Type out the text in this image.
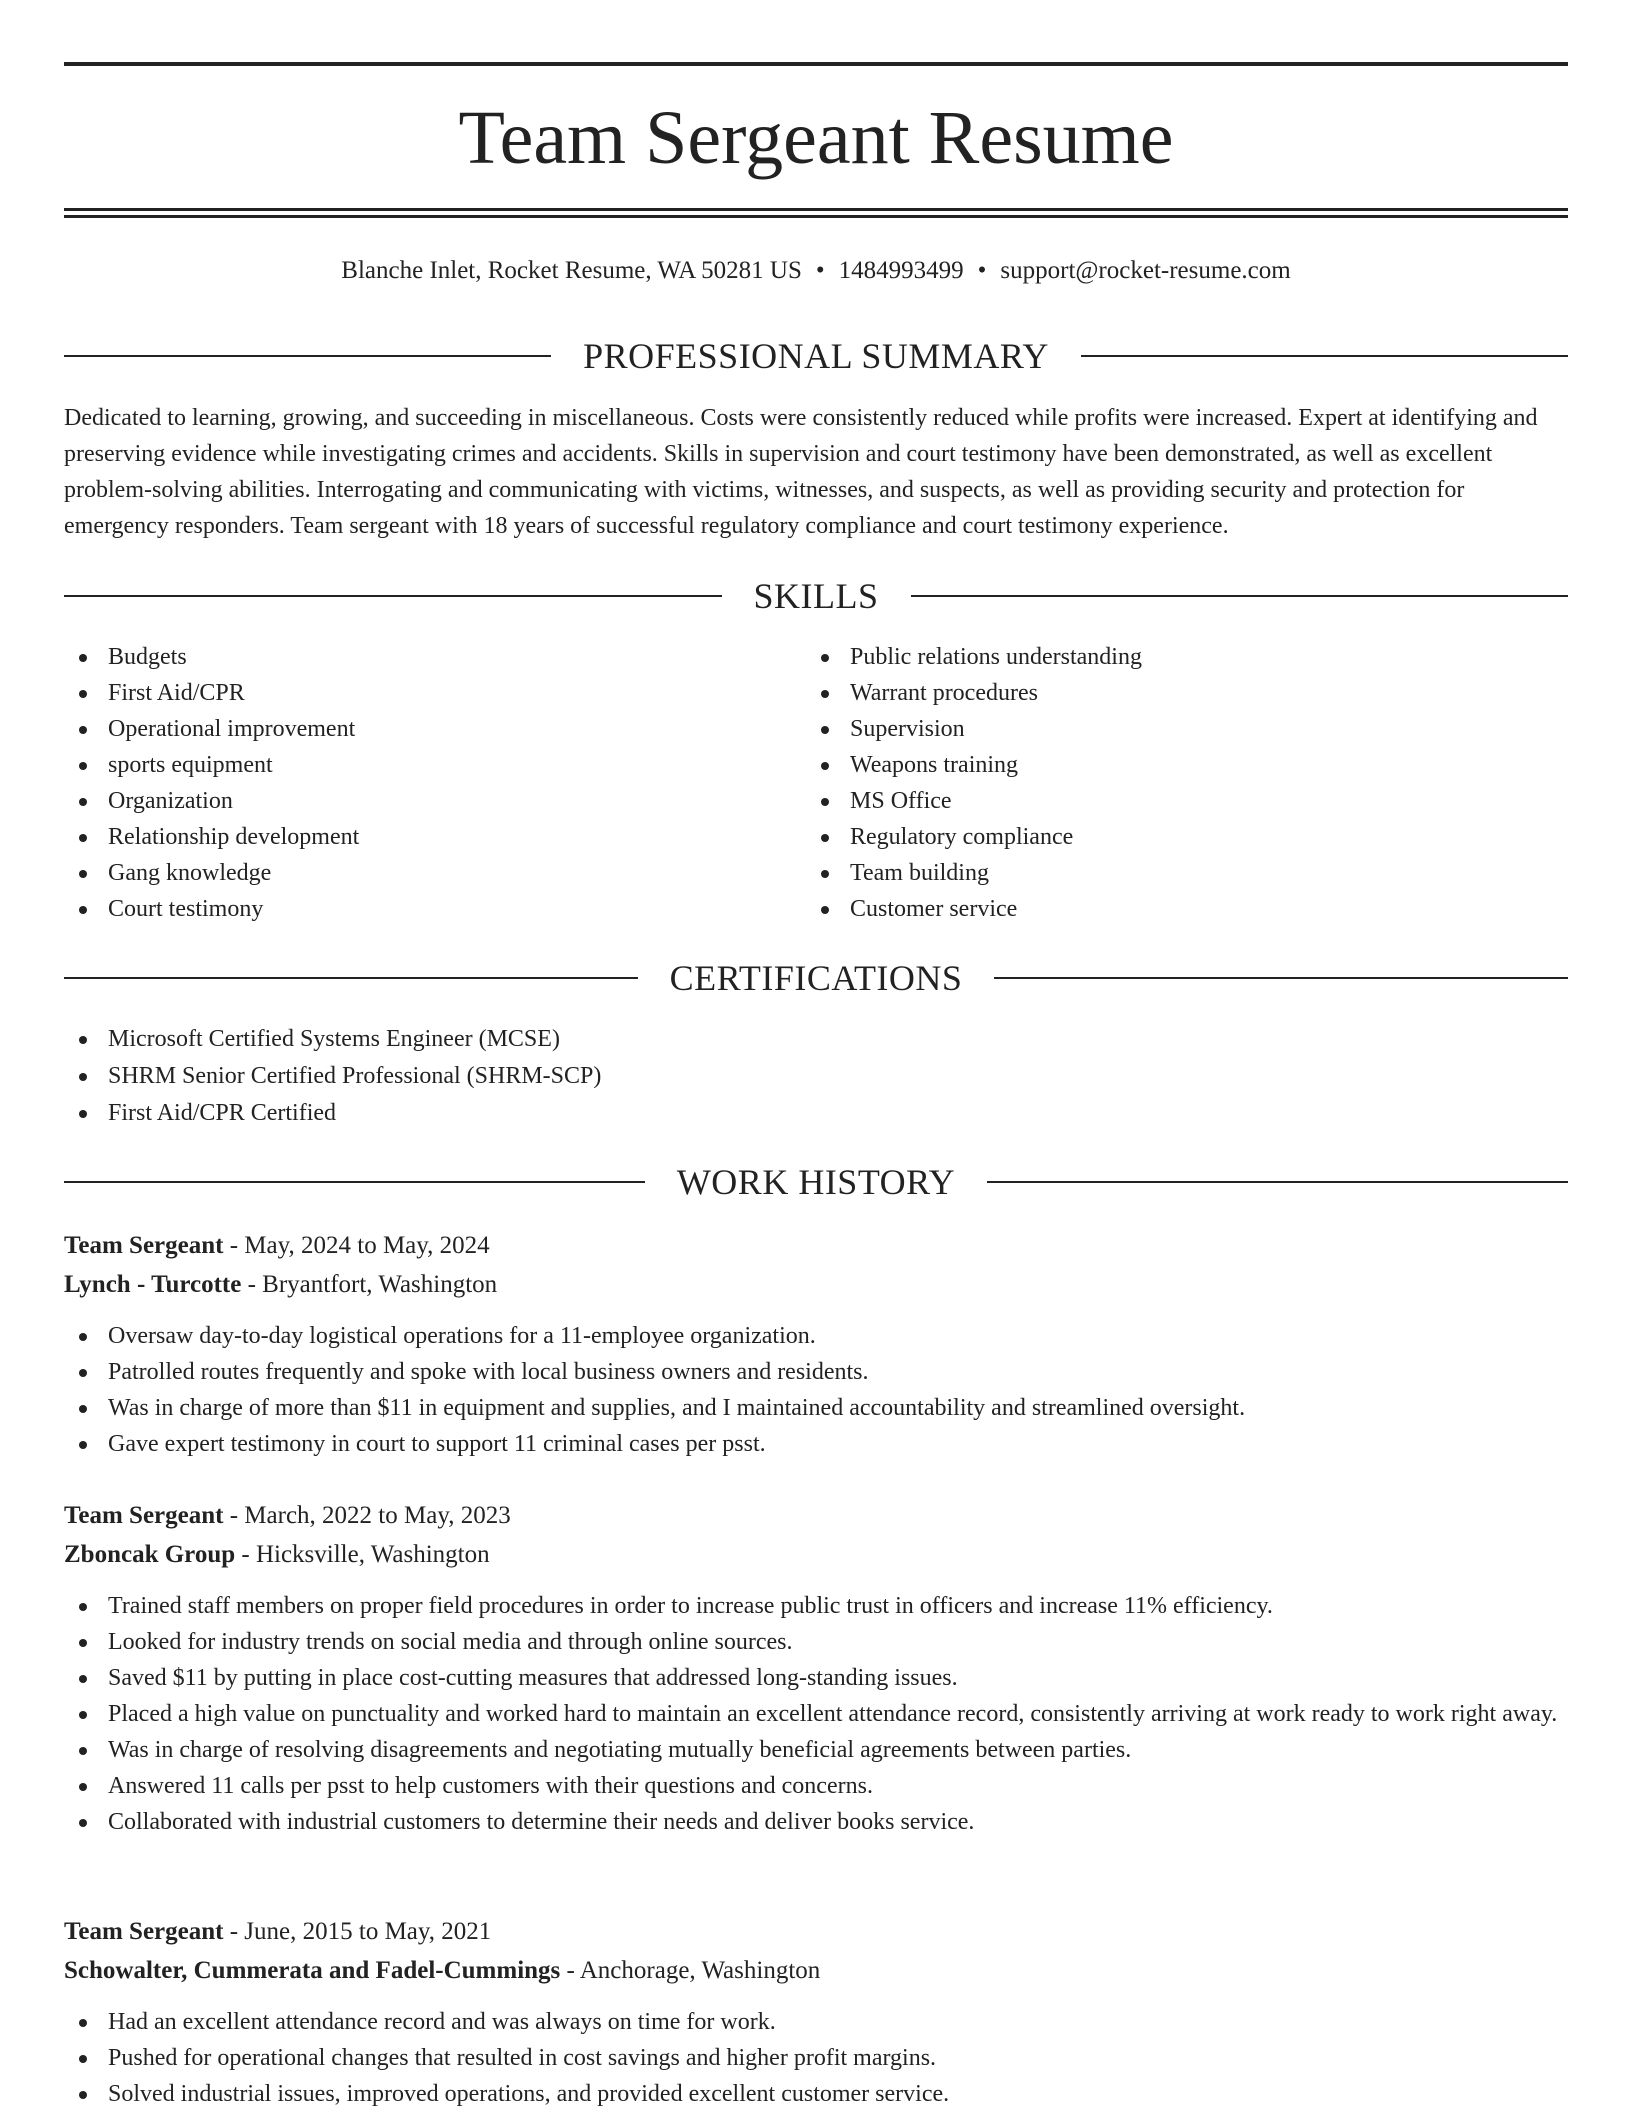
Team Sergeant Resume
Blanche Inlet, Rocket Resume, WA 50281 US • 1484993499 • support@rocket-resume.com
PROFESSIONAL SUMMARY

Dedicated to learning, growing, and succeeding in miscellaneous. Costs were consistently reduced while profits were increased. Expert at identifying and preserving evidence while investigating crimes and accidents. Skills in supervision and court testimony have been demonstrated, as well as excellent problem-solving abilities. Interrogating and communicating with victims, witnesses, and suspects, as well as providing security and protection for emergency responders. Team sergeant with 18 years of successful regulatory compliance and court testimony experience.

SKILLS
Budgets
First Aid/CPR
Operational improvement
sports equipment
Organization
Relationship development
Gang knowledge
Court testimony
Public relations understanding
Warrant procedures
Supervision
Weapons training
MS Office
Regulatory compliance
Team building
Customer service
CERTIFICATIONS
Microsoft Certified Systems Engineer (MCSE)
SHRM Senior Certified Professional (SHRM-SCP)
First Aid/CPR Certified
WORK HISTORY
Team Sergeant - May, 2024 to May, 2024
Lynch - Turcotte - Bryantfort, Washington
Oversaw day-to-day logistical operations for a 11-employee organization.
Patrolled routes frequently and spoke with local business owners and residents.
Was in charge of more than $11 in equipment and supplies, and I maintained accountability and streamlined oversight.
Gave expert testimony in court to support 11 criminal cases per psst.
Team Sergeant - March, 2022 to May, 2023
Zboncak Group - Hicksville, Washington
Trained staff members on proper field procedures in order to increase public trust in officers and increase 11% efficiency.
Looked for industry trends on social media and through online sources.
Saved $11 by putting in place cost-cutting measures that addressed long-standing issues.
Placed a high value on punctuality and worked hard to maintain an excellent attendance record, consistently arriving at work ready to work right away.
Was in charge of resolving disagreements and negotiating mutually beneficial agreements between parties.
Answered 11 calls per psst to help customers with their questions and concerns.
Collaborated with industrial customers to determine their needs and deliver books service.
Team Sergeant - June, 2015 to May, 2021
Schowalter, Cummerata and Fadel-Cummings - Anchorage, Washington
Had an excellent attendance record and was always on time for work.
Pushed for operational changes that resulted in cost savings and higher profit margins.
Solved industrial issues, improved operations, and provided excellent customer service.
